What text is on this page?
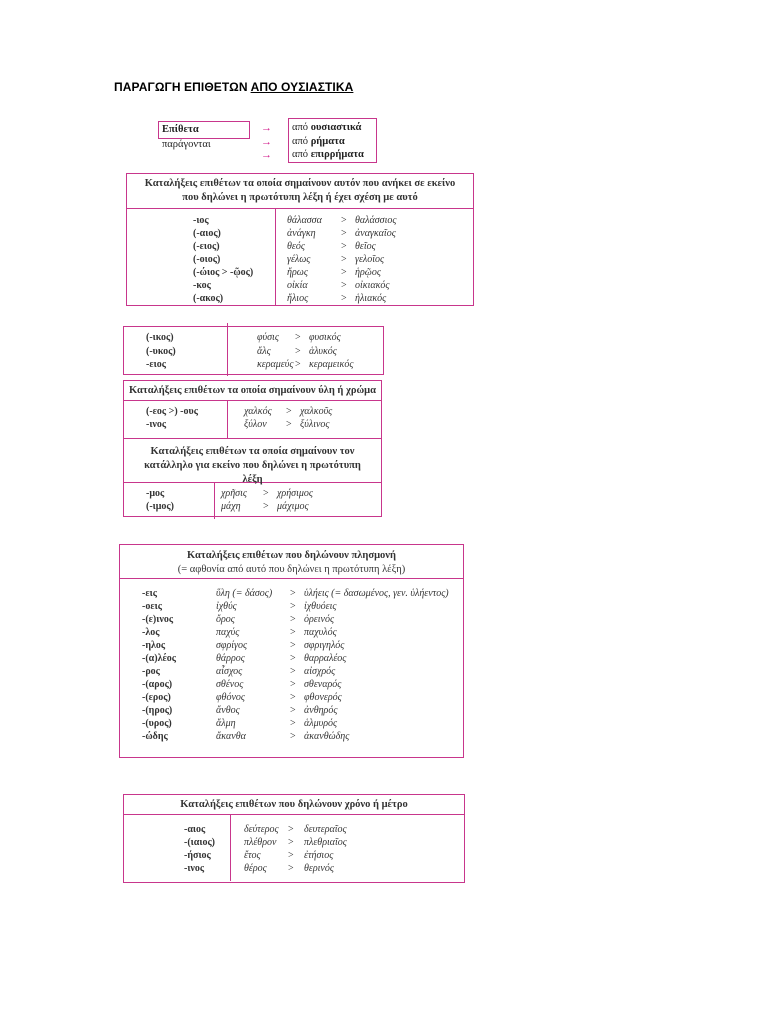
ΠΑΡΑΓΩΓΗ ΕΠΙΘΕΤΩΝ ΑΠΟ ΟΥΣΙΑΣΤΙΚΑ
Επίθετα παράγονται
→
→
→
από ουσιαστικά
από ρήματα
από επιρρήματα
Καταλήξεις επιθέτων τα οποία σημαίνουν αυτόν που ανήκει σε εκείνο που δηλώνει η πρωτότυπη λέξη ή έχει σχέση με αυτό
-ιος	θάλασσα > θαλάσσιος
(-αιος)	ἀνάγκη	> ἀναγκαῖος
(-ειος)	θεός	> θεῖος
(-οιος)	γέλως	> γελοῖος
(-ώιος > -ῷος)	ἥρως	> ἡρῷος
-κος	οἰκία	> οἰκιακός
(-ακος)	ἥλιος	> ἡλιακός
(-ικος)	φύσις > φυσικός
(-υκος)	ἅλς > ἁλυκός
-ειος	κεραμεύς > κεραμεικός
Καταλήξεις επιθέτων τα οποία σημαίνουν ύλη ή χρώμα
(-εος >) -ους	χαλκός > χαλκοῦς
-ινος	ξύλον > ξύλινος
Καταλήξεις επιθέτων τα οποία σημαίνουν τον κατάλληλο για εκείνο που δηλώνει η πρωτότυπη λέξη
-μος	χρῆσις > χρήσιμος
(-ιμος)	μάχη > μάχιμος
Καταλήξεις επιθέτων που δηλώνουν πλησμονή
(= αφθονία από αυτό που δηλώνει η πρωτότυπη λέξη)
-εις	ὕλη (= δάσος) > ὑλήεις (= δασωμένος, γεν. ὑλήεντος)
-οεις	ἰχθύς	> ἰχθυόεις
-(ε)ινος	ὄρος	> ὀρεινός
-λος	παχύς	> παχυλός
-ηλος	σφρίγος	> σφριγηλός
-(α)λέος	θάρρος	> θαρραλέος
-ρος	αἶσχος	> αἰσχρός
-(αρος)	σθένος	> σθεναρός
-(ερος)	φθόνος	> φθονερός
-(ηρος)	ἄνθος	> ἀνθηρός
-(υρος)	ἅλμη	> ἁλμυρός
-ώδης	ἄκανθα	> ἀκανθώδης
Καταλήξεις επιθέτων που δηλώνουν χρόνο ή μέτρο
-αιος	δεύτερος > δευτεραῖος
-(ιαιος)	πλέθρον > πλεθριαῖος
-ήσιος	ἔτος	> ἐτήσιος
-ινος	θέρος > θερινός
